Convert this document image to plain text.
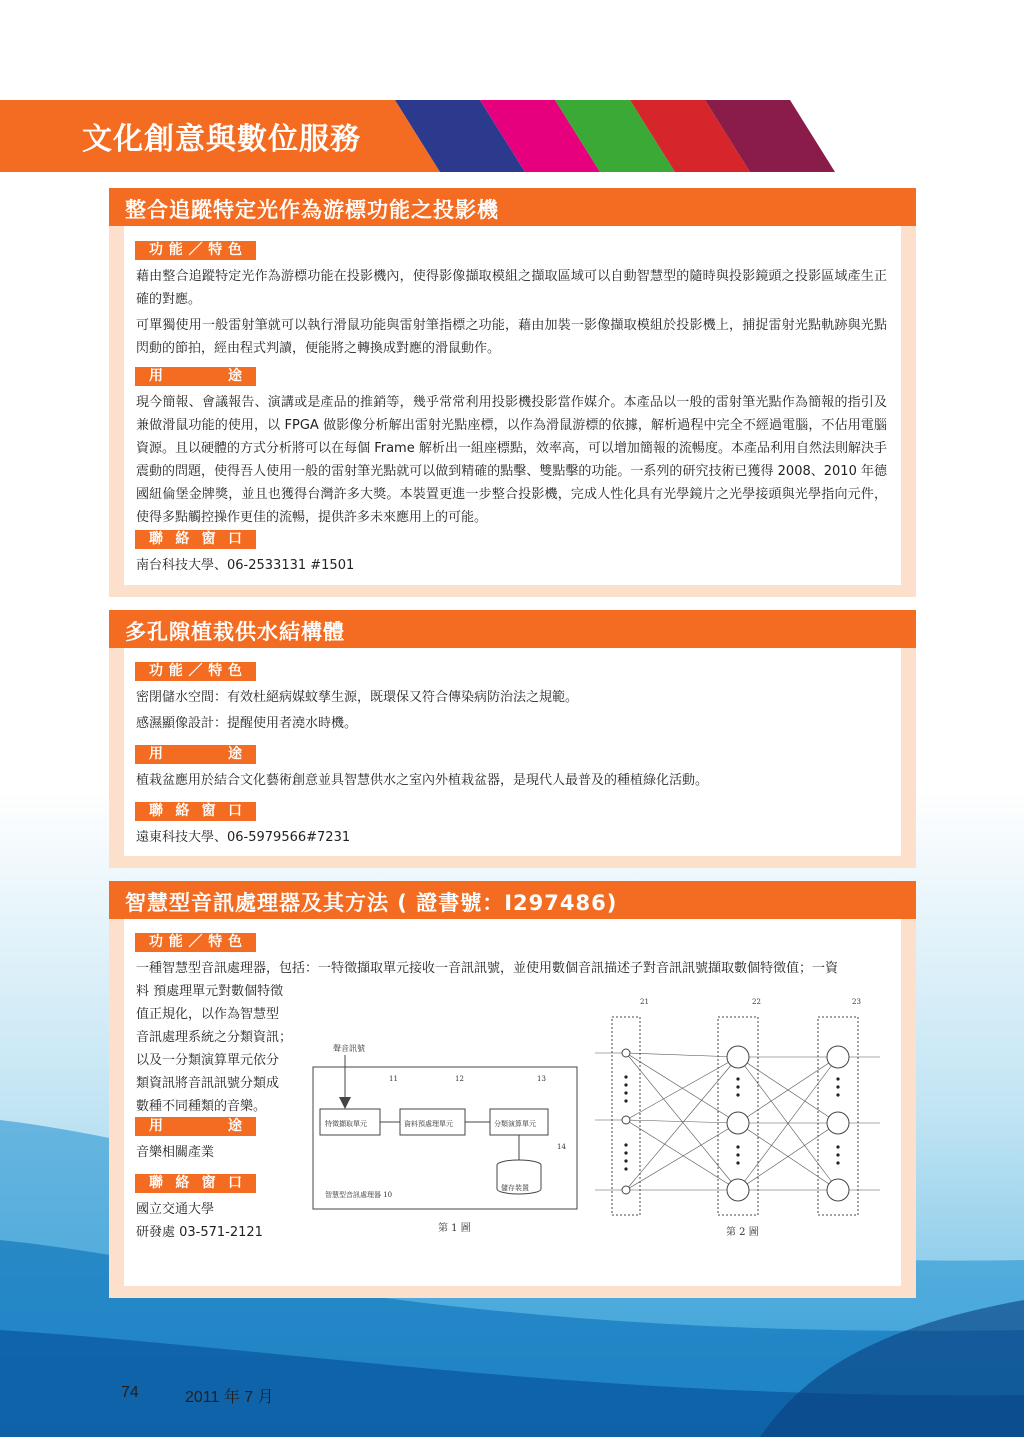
文化創意與數位服務
整合追蹤特定光作為游標功能之投影機
功能／特色

藉由整合追蹤特定光作為游標功能在投影機內，使得影像擷取模組之擷取區域可以自動智慧型的隨時與投影鏡頭之投影區域產生正確的對應。

可單獨使用一般雷射筆就可以執行滑鼠功能與雷射筆指標之功能，藉由加裝一影像擷取模組於投影機上，捕捉雷射光點軌跡與光點閃動的節拍，經由程式判讀，便能將之轉換成對應的滑鼠動作。

用 途
現今簡報、會議報告、演講或是產品的推銷等，幾乎常常利用投影機投影當作媒介。本產品以一般的雷射筆光點作為簡報的指引及兼做滑鼠功能的使用，以 FPGA 做影像分析解出雷射光點座標，以作為滑鼠游標的依據，解析過程中完全不經過電腦，不佔用電腦資源。且以硬體的方式分析將可以在每個 Frame 解析出一組座標點，效率高，可以增加簡報的流暢度。本產品利用自然法則解決手震動的問題，使得吾人使用一般的雷射筆光點就可以做到精確的點擊、雙點擊的功能。一系列的研究技術已獲得 2008、2010 年德國紐倫堡金牌獎，並且也獲得台灣許多大獎。本裝置更進一步整合投影機，完成人性化具有光學鏡片之光學接頭與光學指向元件，使得多點觸控操作更佳的流暢，提供許多未來應用上的可能。
聯絡窗口
南台科技大學、06-2533131 #1501
多孔隙植栽供水結構體
功能／特色

密閉儲水空間：有效杜絕病媒蚊孳生源，既環保又符合傳染病防治法之規範。

感濕顯像設計：提醒使用者澆水時機。

用 途
植栽盆應用於結合文化藝術創意並具智慧供水之室內外植栽盆器，是現代人最普及的種植綠化活動。
聯絡窗口
遠東科技大學、06-5979566#7231
智慧型音訊處理器及其方法 ( 證書號：I297486)
功能／特色
一種智慧型音訊處理器，包括：一特徵擷取單元接收一音訊訊號，並使用數個音訊描述子對音訊訊號擷取數個特徵值；一資

料 預處理單元對數個特徵

值正規化，以作為智慧型

音訊處理系統之分類資訊；

以及一分類演算單元依分

類資訊將音訊訊號分類成

數種不同種類的音樂。

用 途
音樂相關產業
聯絡窗口

國立交通大學

研發處 03-571-2121

聲音訊號
特徵擷取單元	資料預處理單元	分類演算單元
儲存裝置
智慧型音訊處理器 10
11	12	13
14
第 1 圖
21	22	23
第 2 圖
74	2011 年 7 月
